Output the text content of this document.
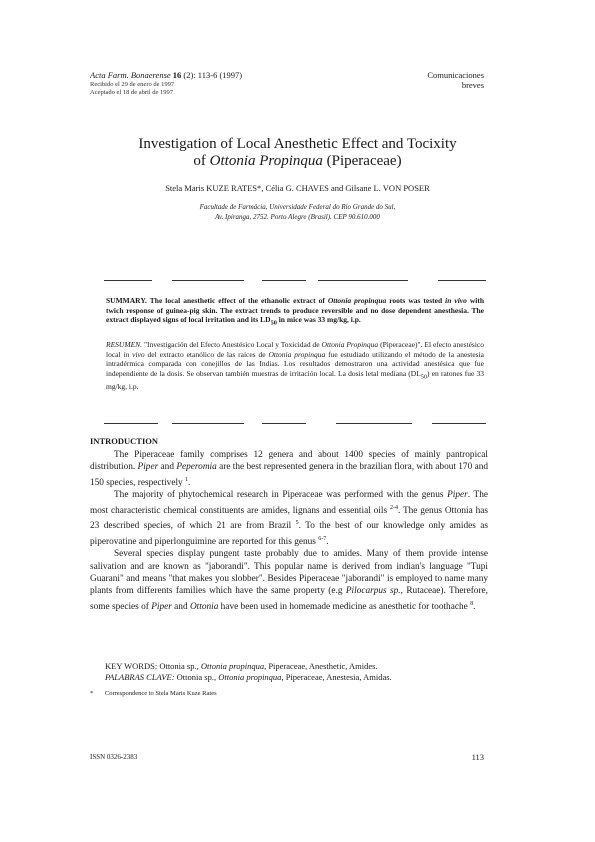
Acta Farm. Bonaerense 16 (2): 113-6 (1997)
Recibido el 29 de enero de 1997
Aceptado el 18 de abril de 1997
Comunicaciones breves
Investigation of Local Anesthetic Effect and Tocixity
of Ottonia Propinqua (Piperaceae)
Stela Maris KUZE RATES*, Célia G. CHAVES and Gilsane L. VON POSER
Facultade de Farmácia, Universidade Federal do Rio Grande do Sul,
Av. Ipiranga, 2752. Porto Alegre (Brasil). CEP 90.610.000
SUMMARY. The local anesthetic effect of the ethanolic extract of Ottonia propinqua roots was tested in vivo with twich response of guinea-pig skin. The extract trends to produce reversible and no dose dependent anesthesia. The extract displayed signs of local irritation and its $LD_{50}$ in mice was 33 mg/kg, i.p.
RESUMEN. "Investigación del Efecto Anestésico Local y Toxicidad de Ottonia Propinqua (Piperaceae)". El efecto anestésico local in vivo del extracto etanólico de las raíces de Ottonia propinqua fue estudiado utilizando el método de la anestesia intradérmica comparada con conejillos de las Indias. Los resultados demostraron una actividad anestésica que fue independiente de la dosis. Se observan también muestras de irritación local. La dosis letal mediana $(DL_{50})$ en ratones fue 33 mg/kg, i.p.
INTRODUCTION

The Piperaceae family comprises 12 genera and about 1400 species of mainly pantropical distribution. Piper and Peperomia are the best represented genera in the brazilian flora, with about 170 and 150 species, respectively $^1$.

The majority of phytochemical research in Piperaceae was performed with the genus Piper. The most characteristic chemical constituents are amides, lignans and essential oils $^{2-4}$. The genus Ottonia has 23 described species, of which 21 are from Brazil $^5$. To the best of our knowledge only amides as piperovatine and piperlonguimine are reported for this genus $^{6-7}$.

Several species display pungent taste probably due to amides. Many of them provide intense salivation and are known as "jaborandi". This popular name is derived from indian's language "Tupi Guarani" and means "that makes you slobber". Besides Piperaceae "jaborandi" is employed to name many plants from differents families which have the same property (e.g Pilocarpus sp., Rutaceae). Therefore, some species of Piper and Ottonia have been used in homemade medicine as anesthetic for toothache $^8$.

KEY WORDS: Ottonia sp., Ottonia propinqua, Piperaceae, Anesthetic, Amides.
PALABRAS CLAVE: Ottonia sp., Ottonia propinqua, Piperaceae, Anestesia, Amidas.
* Correspondence to Stela Maris Kuze Rates
ISSN 0326-2383	113
